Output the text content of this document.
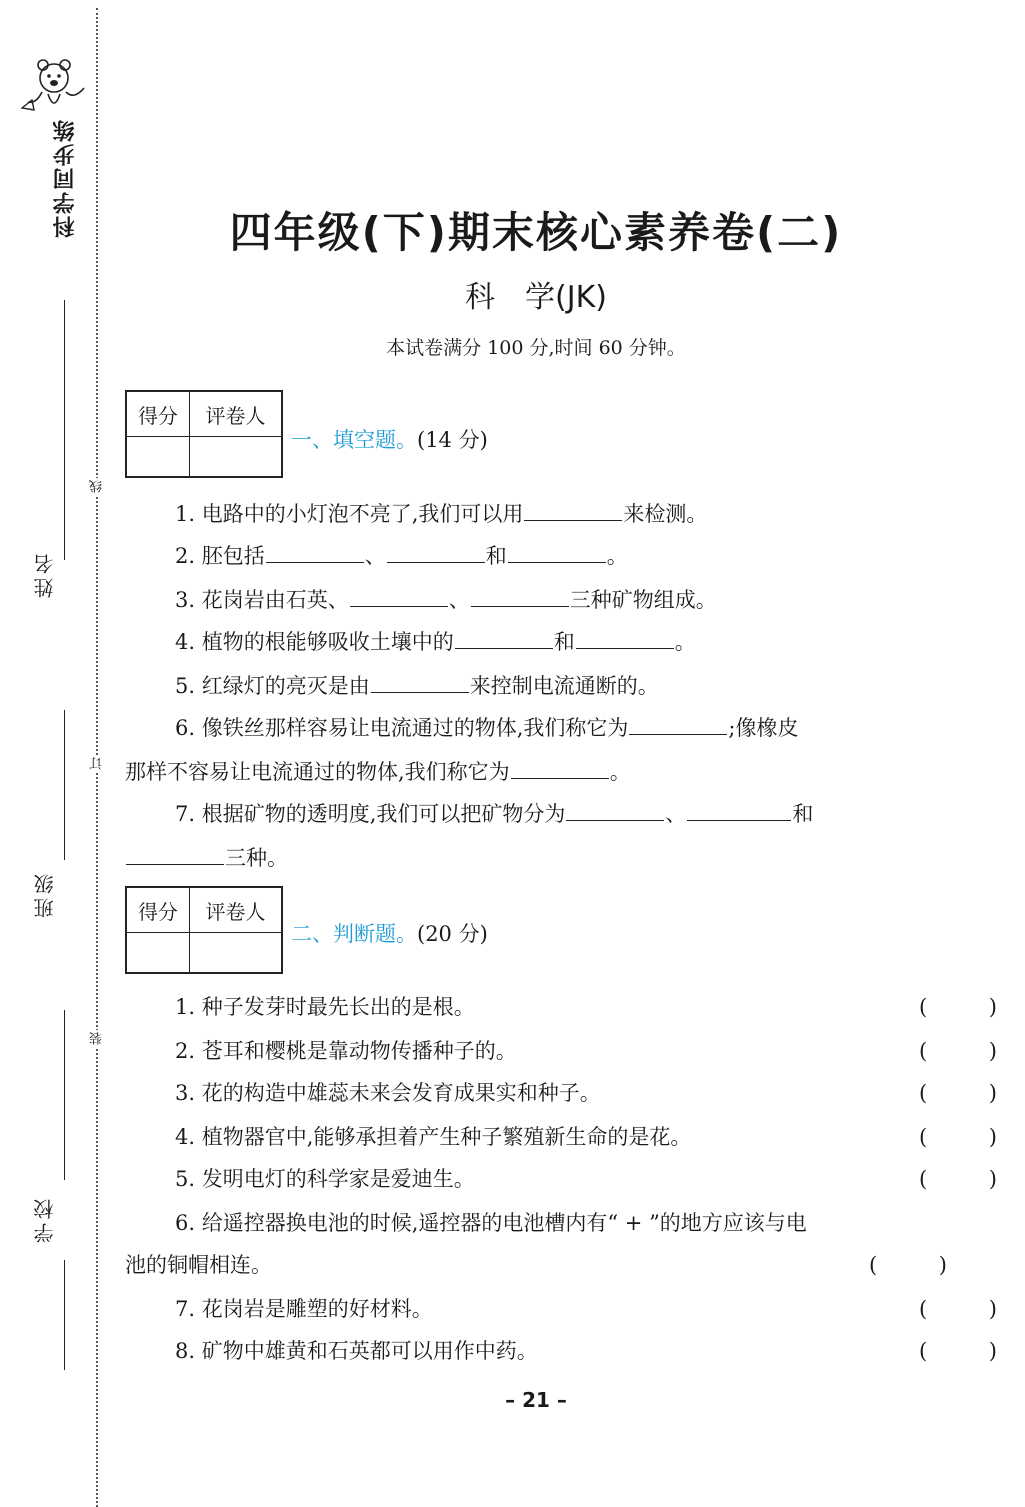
科学同步练
姓名
班级
学校
线
订
装
四年级(下)期末核心素养卷(二)
科　学(JK)
本试卷满分 100 分,时间 60 分钟。
得分	评卷人

一、填空题。(14 分)
1. 电路中的小灯泡不亮了,我们可以用	来检测。
2. 胚包括	、	和	。
3. 花岗岩由石英、	、	三种矿物组成。
4. 植物的根能够吸收土壤中的	和	。
5. 红绿灯的亮灭是由	来控制电流通断的。
6. 像铁丝那样容易让电流通过的物体,我们称它为	;像橡皮
那样不容易让电流通过的物体,我们称它为	。
7. 根据矿物的透明度,我们可以把矿物分为	、	和
三种。
得分	评卷人

二、判断题。(20 分)
1. 种子发芽时最先长出的是根。	(	)
2. 苍耳和樱桃是靠动物传播种子的。	(	)
3. 花的构造中雄蕊未来会发育成果实和种子。	(	)
4. 植物器官中,能够承担着产生种子繁殖新生命的是花。	(	)
5. 发明电灯的科学家是爱迪生。	(	)
6. 给遥控器换电池的时候,遥控器的电池槽内有“ + ”的地方应该与电
池的铜帽相连。	(	)
7. 花岗岩是雕塑的好材料。	(	)
8. 矿物中雄黄和石英都可以用作中药。	(	)
– 21 –
